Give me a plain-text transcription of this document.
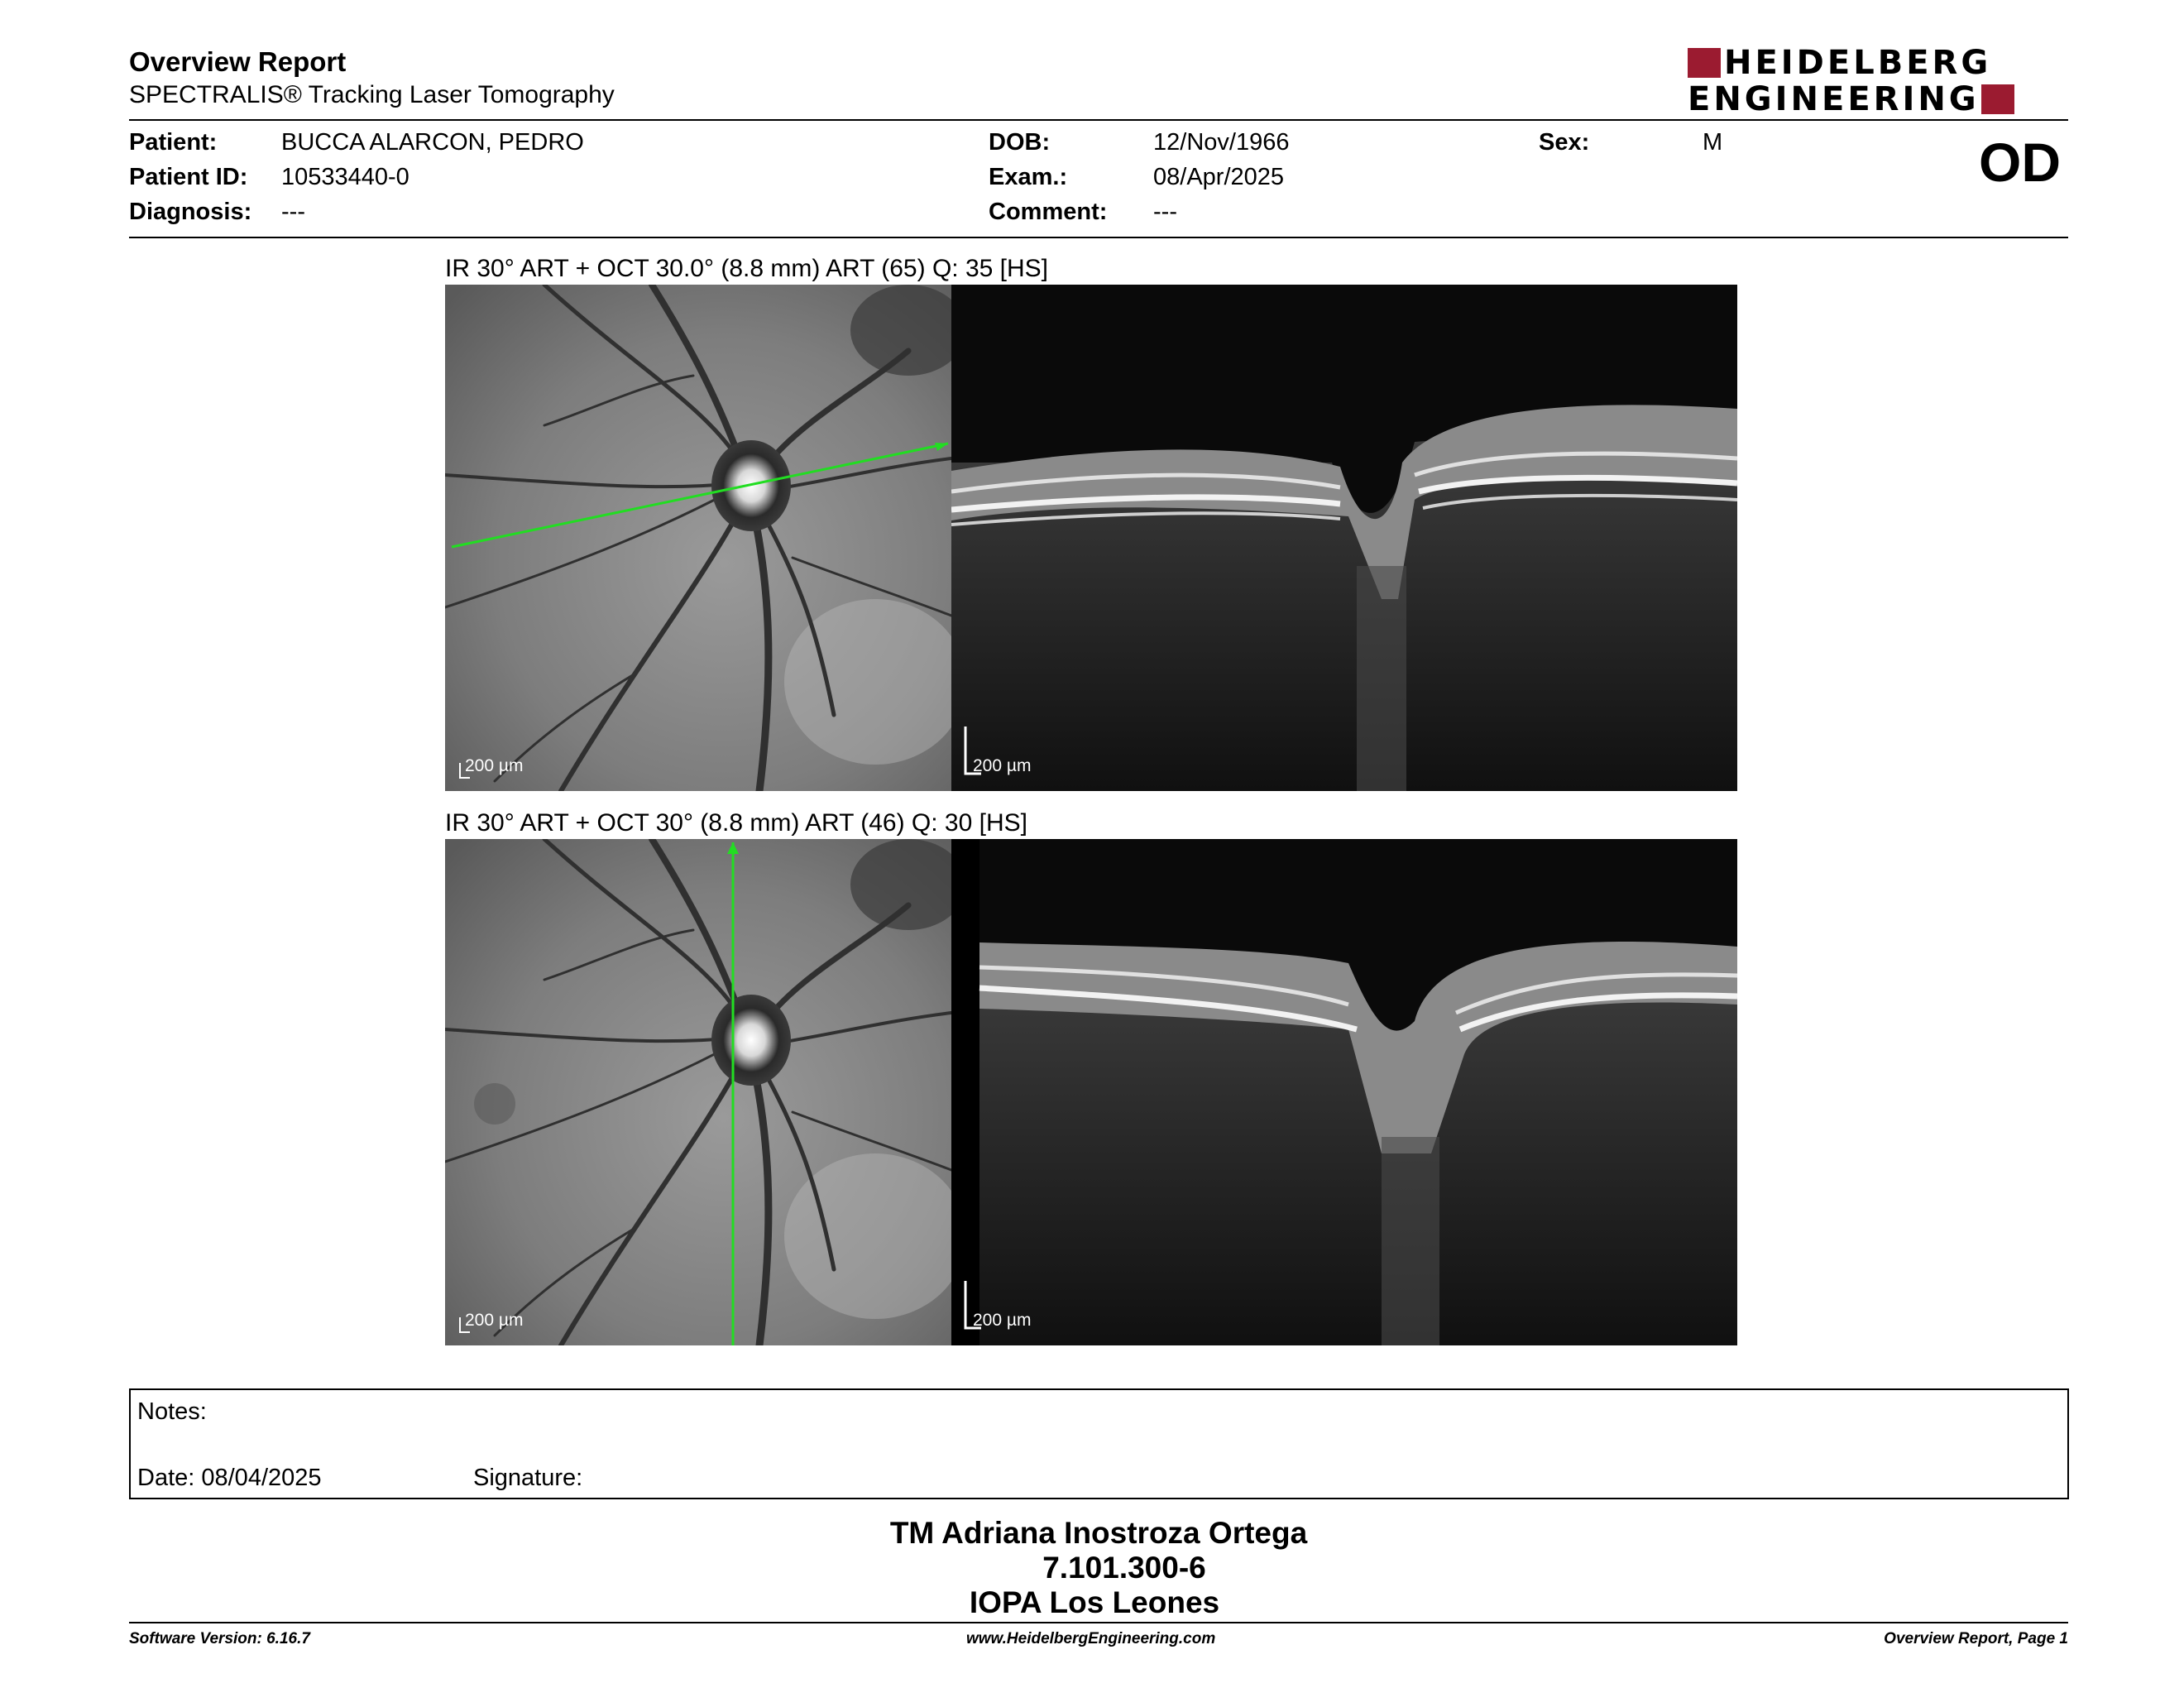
Overview Report
SPECTRALIS® Tracking Laser Tomography
HEIDELBERG
ENGINEERING
Patient:	BUCCA ALARCON, PEDRO
Patient ID: 10533440-0
Diagnosis: ---
DOB:	12/Nov/1966
Exam.:	08/Apr/2025
Comment: ---
Sex:	M	OD
IR 30° ART + OCT 30.0° (8.8 mm) ART (65) Q: 35 [HS]
200 µm	200 µm
IR 30° ART + OCT 30° (8.8 mm) ART (46) Q: 30 [HS]
200 µm	200 µm
Notes:
Date: 08/04/2025	Signature:
TM Adriana Inostroza Ortega
7.101.300-6
IOPA Los Leones
Software Version: 6.16.7	www.HeidelbergEngineering.com	Overview Report, Page 1
